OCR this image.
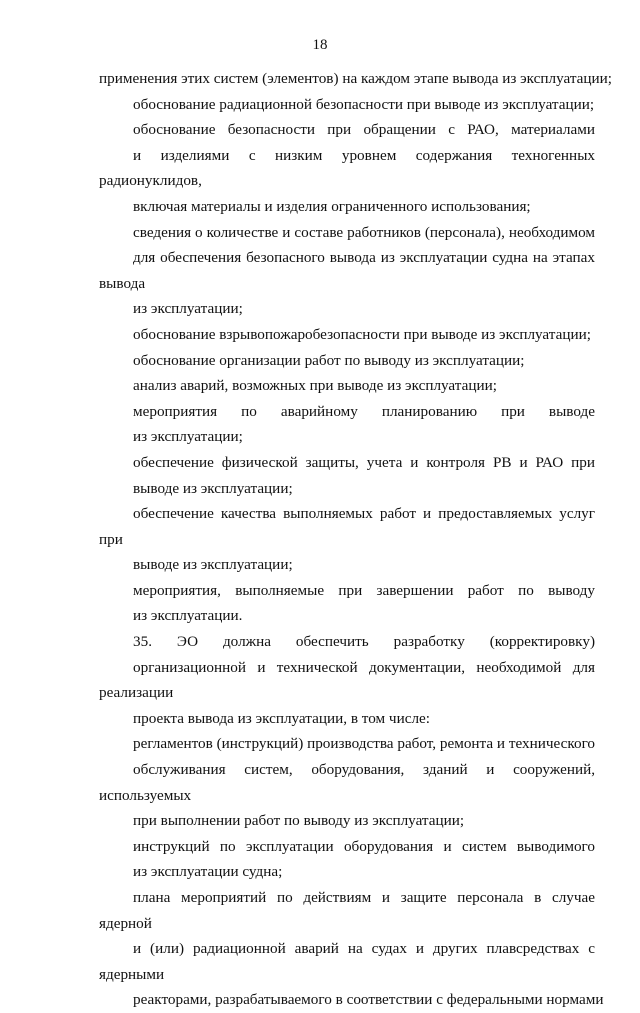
18
применения этих систем (элементов) на каждом этапе вывода из эксплуатации;
обоснование радиационной безопасности при выводе из эксплуатации;
обоснование безопасности при обращении с РАО, материалами
и изделиями с низким уровнем содержания техногенных радионуклидов,
включая материалы и изделия ограниченного использования;
сведения о количестве и составе работников (персонала), необходимом
для обеспечения безопасного вывода из эксплуатации судна на этапах вывода
из эксплуатации;
обоснование взрывопожаробезопасности при выводе из эксплуатации;
обоснование организации работ по выводу из эксплуатации;
анализ аварий, возможных при выводе из эксплуатации;
мероприятия по аварийному планированию при выводе
из эксплуатации;
обеспечение физической защиты, учета и контроля РВ и РАО при
выводе из эксплуатации;
обеспечение качества выполняемых работ и предоставляемых услуг при
выводе из эксплуатации;
мероприятия, выполняемые при завершении работ по выводу
из эксплуатации.
35. ЭО должна обеспечить разработку (корректировку)
организационной и технической документации, необходимой для реализации
проекта вывода из эксплуатации, в том числе:
регламентов (инструкций) производства работ, ремонта и технического
обслуживания систем, оборудования, зданий и сооружений, используемых
при выполнении работ по выводу из эксплуатации;
инструкций по эксплуатации оборудования и систем выводимого
из эксплуатации судна;
плана мероприятий по действиям и защите персонала в случае ядерной
и (или) радиационной аварий на судах и других плавсредствах с ядерными
реакторами, разрабатываемого в соответствии с федеральными нормами
